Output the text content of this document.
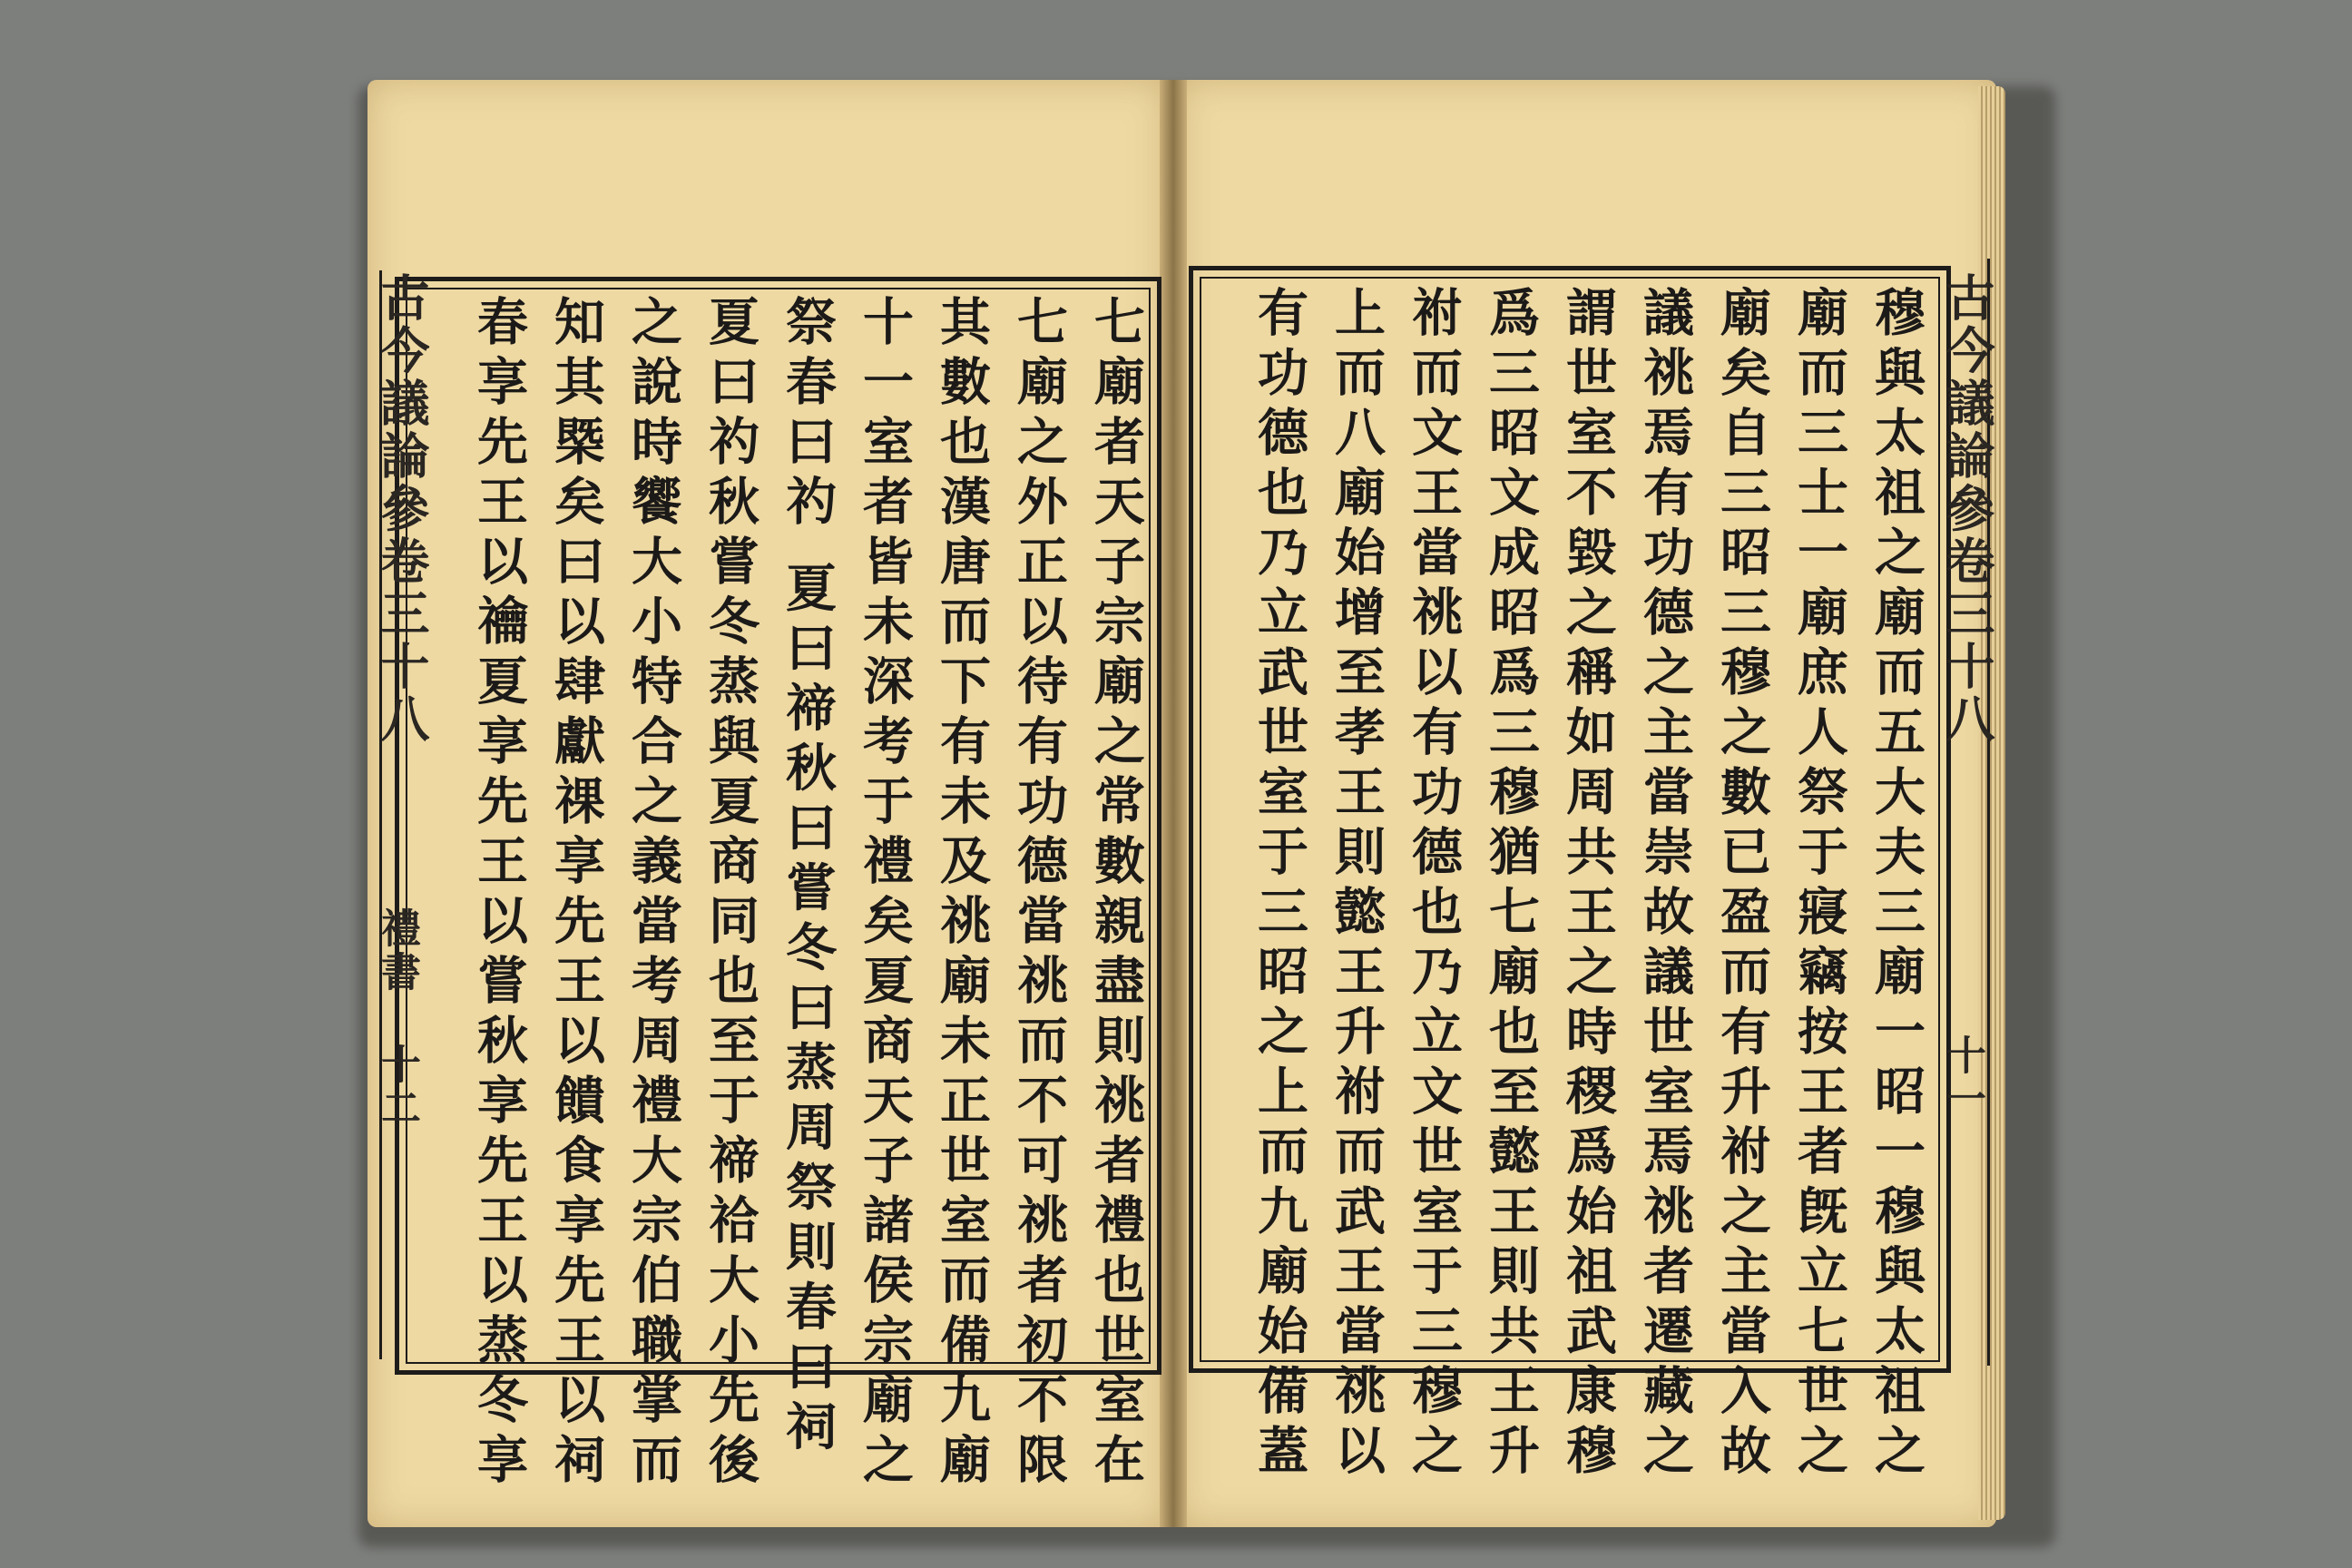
古今議論參卷三十八
禮書
十二
古今議論參卷三十八
十一
七廟者天子宗廟之常數親盡則祧者禮也世室在
七廟之外正以待有功德當祧而不可祧者初不限
其數也漢唐而下有未及祧廟未正世室而備九廟
十一室者皆未深考于禮矣夏商天子諸侯宗廟之
祭春曰礿 夏曰禘秋曰嘗冬曰蒸周祭則春曰祠
夏曰礿秋嘗冬蒸與夏商同也至于禘祫大小先後
之說時饗大小特合之義當考周禮大宗伯職掌而
知其槩矣曰以肆獻祼享先王以饋食享先王以祠
春享先王以禴夏享先王以嘗秋享先王以蒸冬享	穆與太祖之廟而五大夫三廟一昭一穆與太祖之
廟而三士一廟庶人祭于寢竊按王者旣立七世之
廟矣自三昭三穆之數已盈而有升祔之主當入故
議祧焉有功德之主當崇故議世室焉祧者遷藏之
謂世室不毀之稱如周共王之時稷爲始祖武康穆
爲三昭文成昭爲三穆猶七廟也至懿王則共王升
祔而文王當祧以有功德也乃立文世室于三穆之
上而八廟始增至孝王則懿王升祔而武王當祧以
有功德也乃立武世室于三昭之上而九廟始備蓋
